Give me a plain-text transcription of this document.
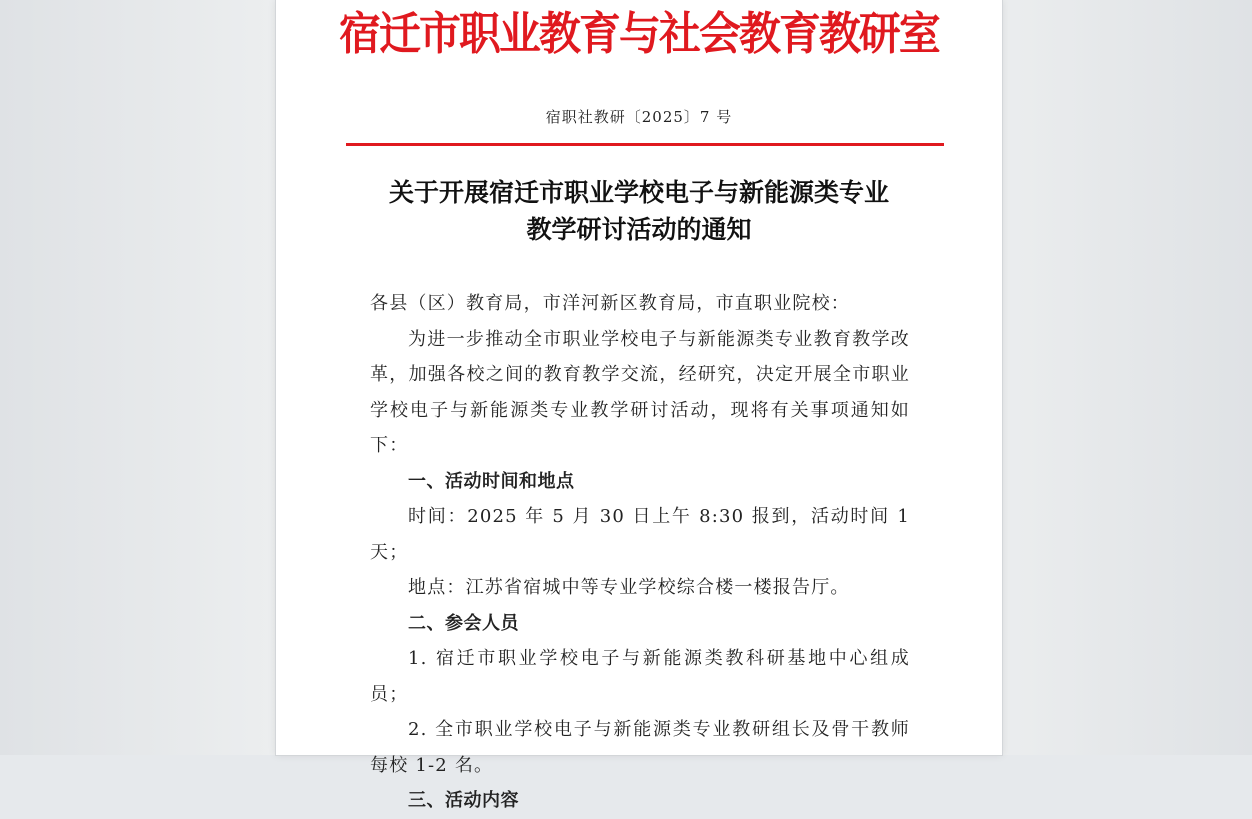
宿迁市职业教育与社会教育教研室
宿职社教研〔2025〕7 号
关于开展宿迁市职业学校电子与新能源类专业
教学研讨活动的通知

各县（区）教育局，市洋河新区教育局，市直职业院校：

为进一步推动全市职业学校电子与新能源类专业教育教学改革，加强各校之间的教育教学交流，经研究，决定开展全市职业学校电子与新能源类专业教学研讨活动，现将有关事项通知如下：

一、活动时间和地点

时间：2025 年 5 月 30 日上午 8:30 报到，活动时间 1 天；

地点：江苏省宿城中等专业学校综合楼一楼报告厅。

二、参会人员

1. 宿迁市职业学校电子与新能源类教科研基地中心组成员；

2. 全市职业学校电子与新能源类专业教研组长及骨干教师每校 1-2 名。

三、活动内容
